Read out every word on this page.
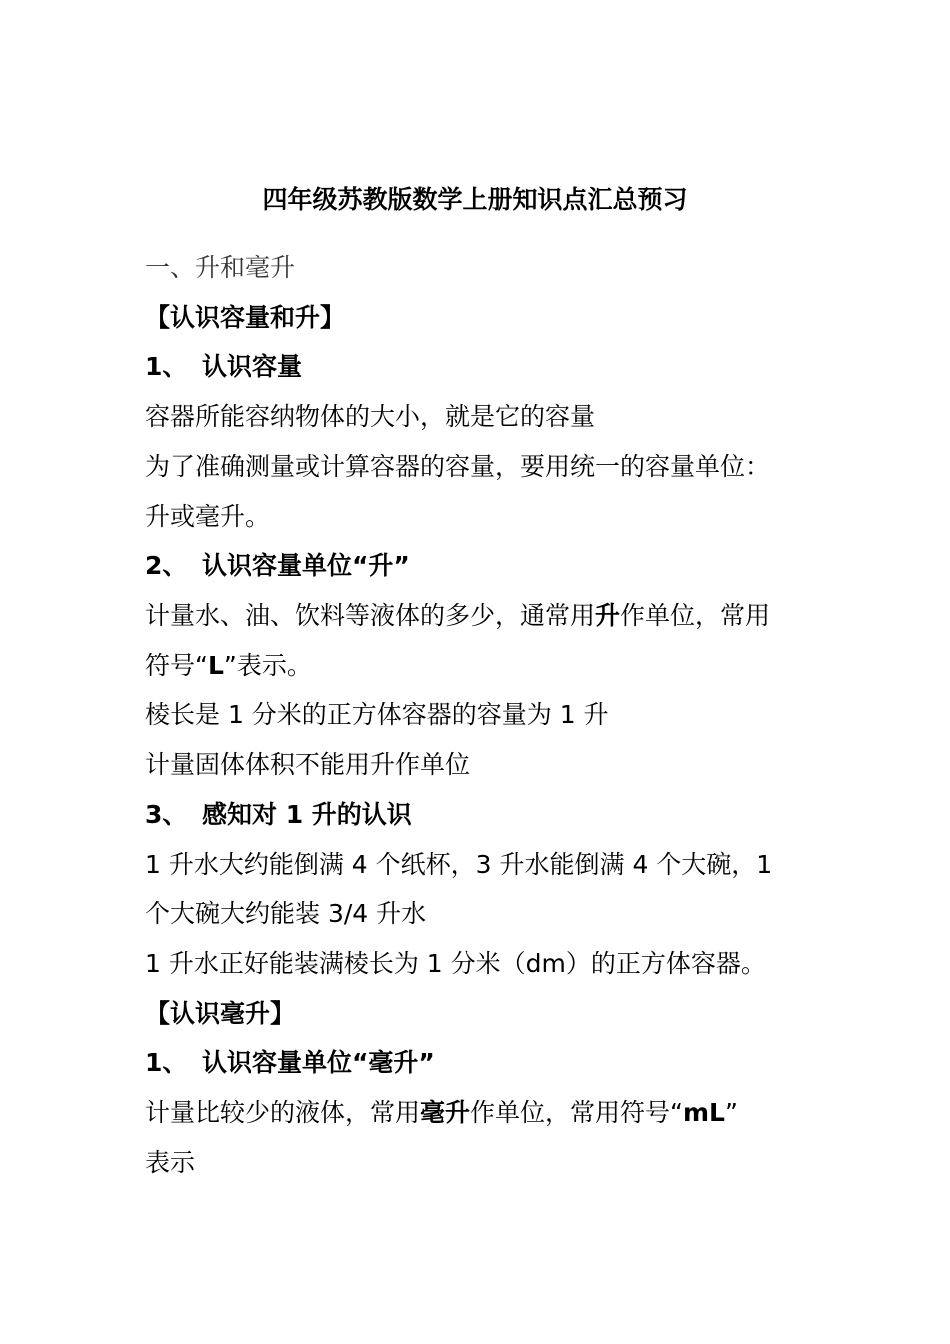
四年级苏教版数学上册知识点汇总预习
一、升和毫升
【认识容量和升】
1、 认识容量
容器所能容纳物体的大小，就是它的容量
为了准确测量或计算容器的容量，要用统一的容量单位：
升或毫升。
2、 认识容量单位“升”
计量水、油、饮料等液体的多少，通常用升作单位，常用
符号“L”表示。
棱长是 1 分米的正方体容器的容量为 1 升
计量固体体积不能用升作单位
3、 感知对 1 升的认识
1 升水大约能倒满 4 个纸杯，3 升水能倒满 4 个大碗，1
个大碗大约能装 3/4 升水
1 升水正好能装满棱长为 1 分米（dm）的正方体容器。
【认识毫升】
1、 认识容量单位“毫升”
计量比较少的液体，常用毫升作单位，常用符号“mL”
表示
